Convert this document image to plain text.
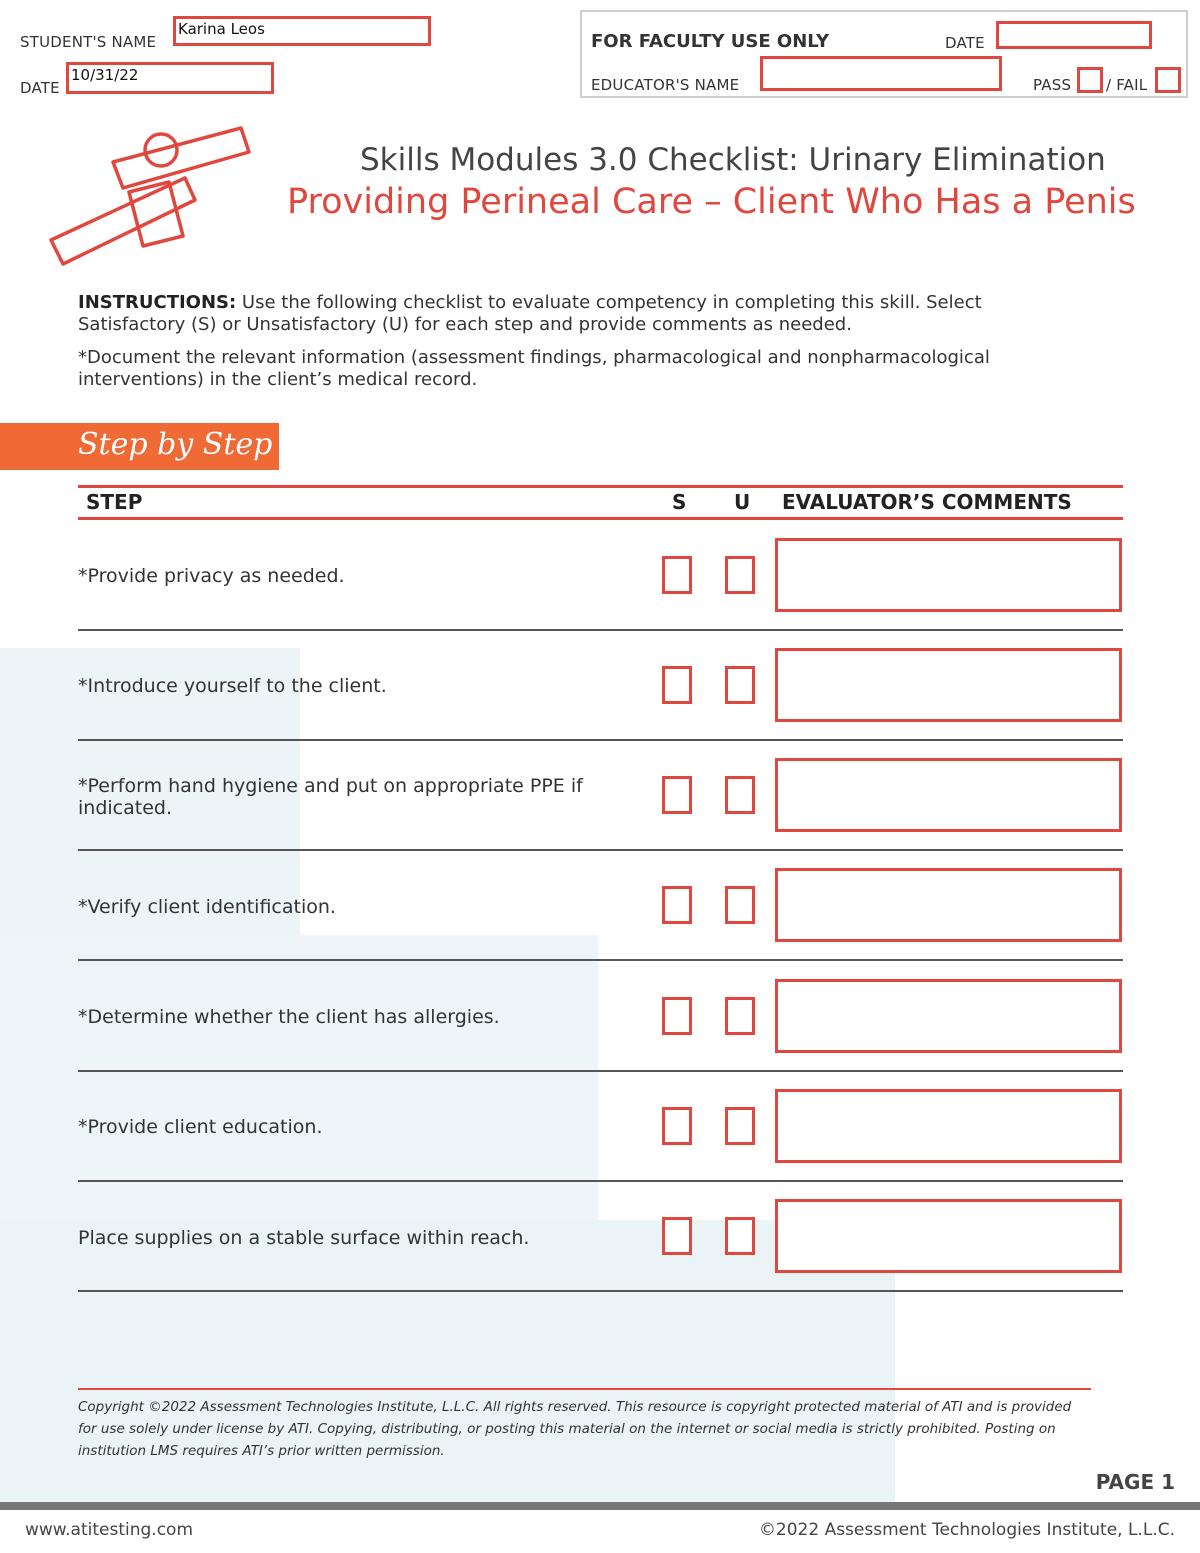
STUDENT'S NAME
Karina Leos
DATE
10/31/22
FOR FACULTY USE ONLY	DATE
EDUCATOR'S NAME	PASS / FAIL
Skills Modules 3.0 Checklist: Urinary Elimination
Providing Perineal Care – Client Who Has a Penis

INSTRUCTIONS: Use the following checklist to evaluate competency in completing this skill. Select Satisfactory (S) or Unsatisfactory (U) for each step and provide comments as needed.

*Document the relevant information (assessment findings, pharmacological and nonpharmacological interventions) in the client’s medical record.

Step by Step
STEP	S U EVALUATOR’S COMMENTS
*Provide privacy as needed.
*Introduce yourself to the client.
*Perform hand hygiene and put on appropriate PPE if indicated.
*Verify client identification.
*Determine whether the client has allergies.
*Provide client education.
Place supplies on a stable surface within reach.
Copyright ©2022 Assessment Technologies Institute, L.L.C. All rights reserved. This resource is copyright protected material of ATI and is provided for use solely under license by ATI. Copying, distributing, or posting this material on the internet or social media is strictly prohibited. Posting on institution LMS requires ATI’s prior written permission.
PAGE 1
www.atitesting.com	©2022 Assessment Technologies Institute, L.L.C.
